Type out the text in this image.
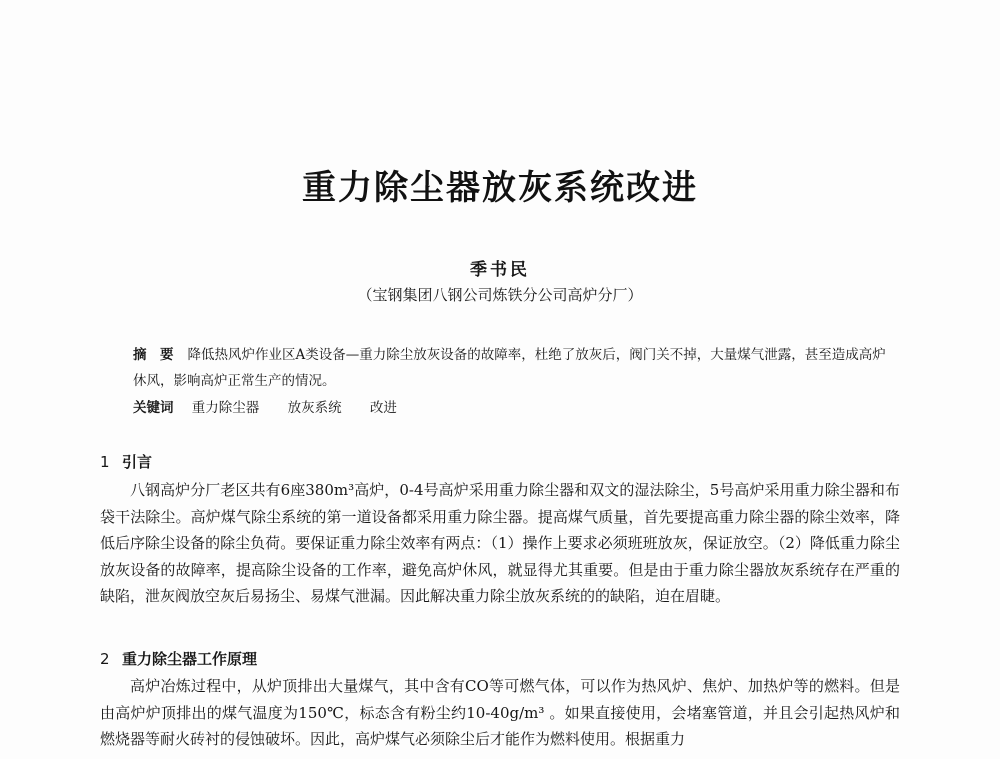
重力除尘器放灰系统改进
季书民
（宝钢集团八钢公司炼铁分公司高炉分厂）
摘　要 降低热风炉作业区A类设备—重力除尘放灰设备的故障率，杜绝了放灰后，阀门关不掉，大量煤气泄露，甚至造成高炉休风，影响高炉正常生产的情况。
关键词 重力除尘器 放灰系统 改进
1 引言
八钢高炉分厂老区共有6座380m³高炉，0-4号高炉采用重力除尘器和双文的湿法除尘，5号高炉采用重力除尘器和布袋干法除尘。高炉煤气除尘系统的第一道设备都采用重力除尘器。提高煤气质量，首先要提高重力除尘器的除尘效率，降低后序除尘设备的除尘负荷。要保证重力除尘效率有两点：（1）操作上要求必须班班放灰，保证放空。（2）降低重力除尘放灰设备的故障率，提高除尘设备的工作率，避免高炉休风，就显得尤其重要。但是由于重力除尘器放灰系统存在严重的缺陷，泄灰阀放空灰后易扬尘、易煤气泄漏。因此解决重力除尘放灰系统的的缺陷，迫在眉睫。
2 重力除尘器工作原理
高炉冶炼过程中，从炉顶排出大量煤气，其中含有CO等可燃气体，可以作为热风炉、焦炉、加热炉等的燃料。但是由高炉炉顶排出的煤气温度为150℃，标态含有粉尘约10-40g/m³ 。如果直接使用，会堵塞管道，并且会引起热风炉和燃烧器等耐火砖衬的侵蚀破坏。因此，高炉煤气必须除尘后才能作为燃料使用。根据重力
